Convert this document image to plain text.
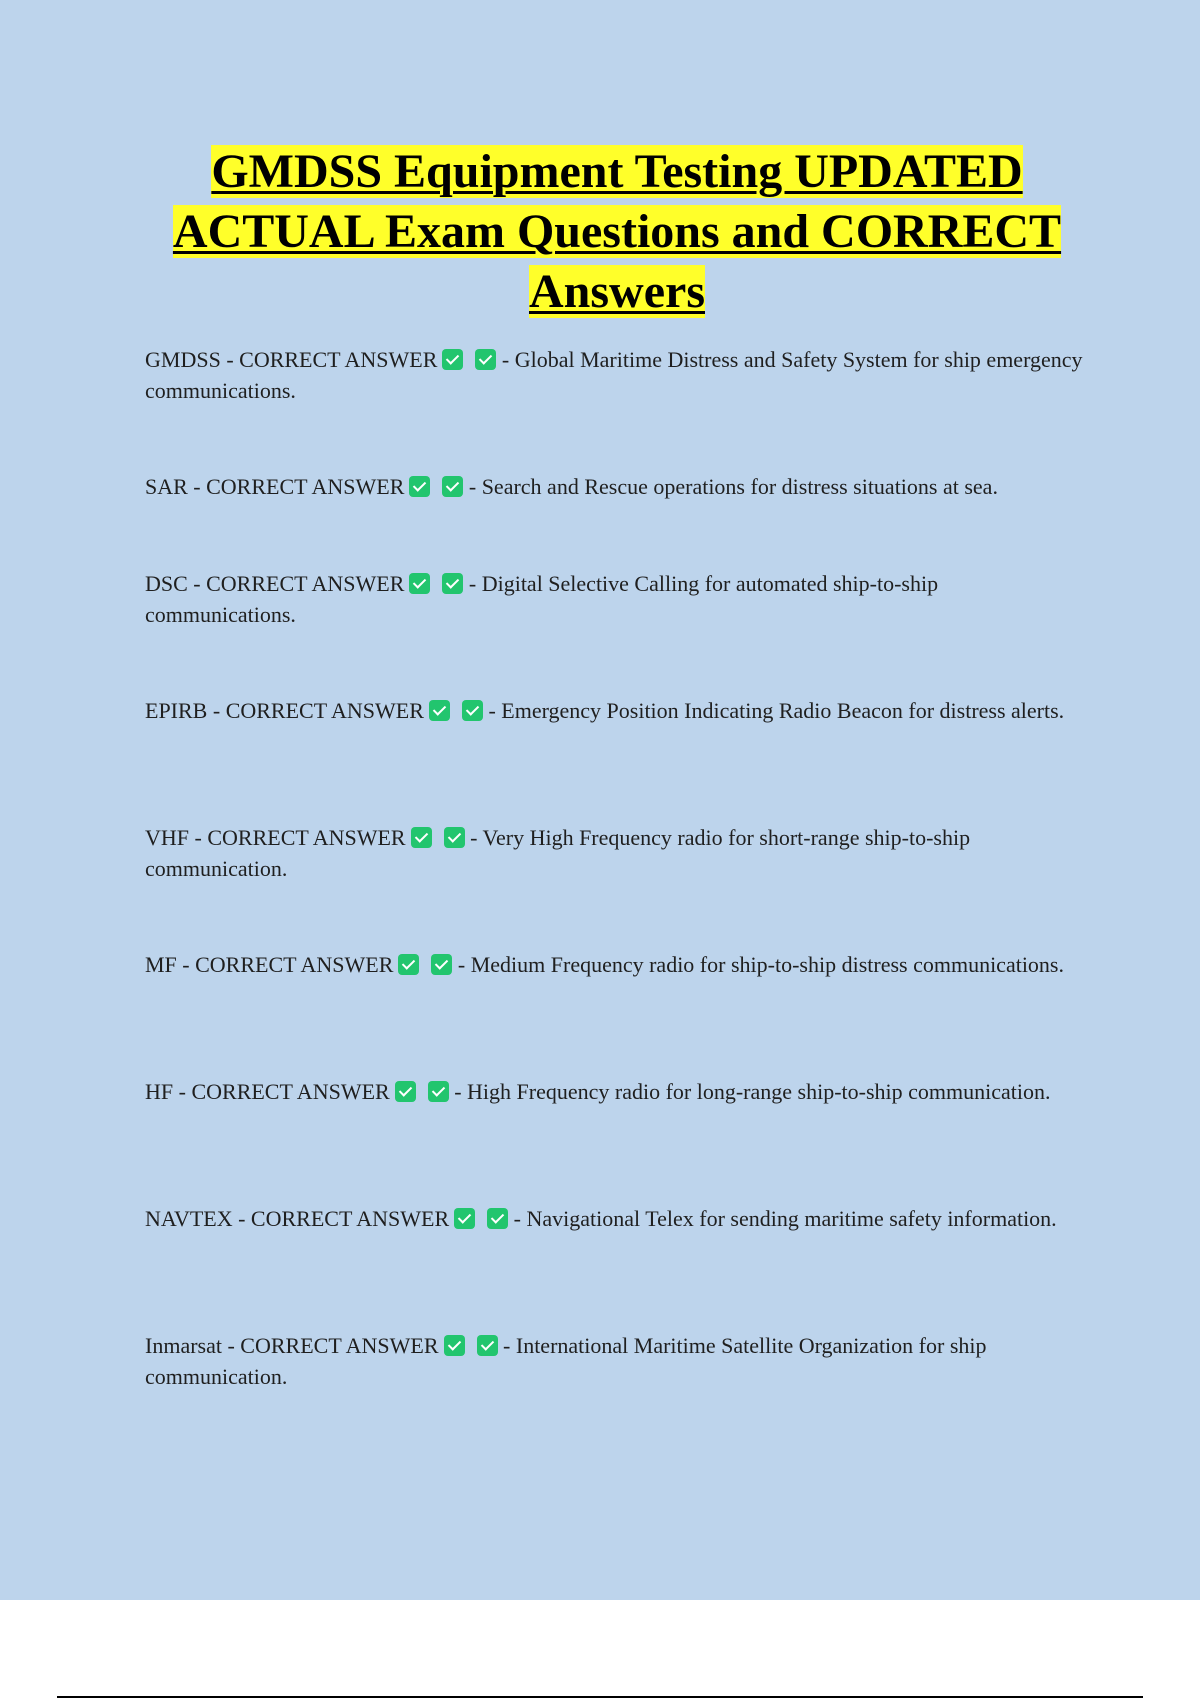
GMDSS Equipment Testing UPDATED ACTUAL Exam Questions and CORRECT Answers
GMDSS - CORRECT ANSWER	- Global Maritime Distress and Safety System for ship emergency communications.
SAR - CORRECT ANSWER	- Search and Rescue operations for distress situations at sea.
DSC - CORRECT ANSWER	- Digital Selective Calling for automated ship-to-ship communications.
EPIRB - CORRECT ANSWER	- Emergency Position Indicating Radio Beacon for distress alerts.
VHF - CORRECT ANSWER	- Very High Frequency radio for short-range ship-to-ship communication.
MF - CORRECT ANSWER	- Medium Frequency radio for ship-to-ship distress communications.
HF - CORRECT ANSWER	- High Frequency radio for long-range ship-to-ship communication.
NAVTEX - CORRECT ANSWER	- Navigational Telex for sending maritime safety information.
Inmarsat - CORRECT ANSWER	- International Maritime Satellite Organization for ship communication.
